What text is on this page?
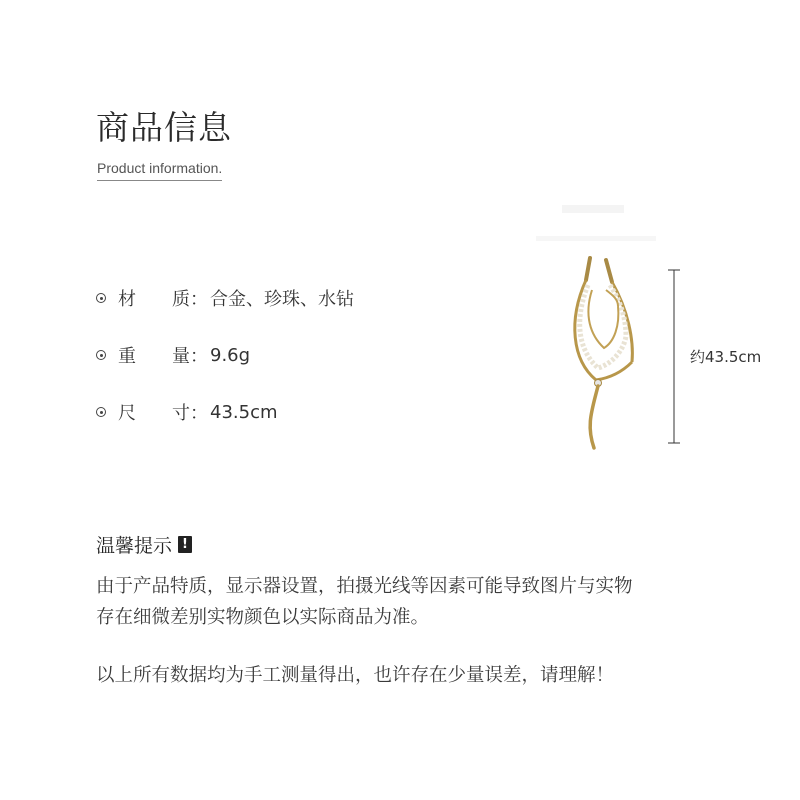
商品信息
Product information.
材 质 ： 合金、珍珠、水钻
重 量 ： 9.6g
尺 寸 ： 43.5cm
约43.5cm
温馨提示 !

由于产品特质，显示器设置，拍摄光线等因素可能导致图片与实物

存在细微差别实物颜色以实际商品为准。

以上所有数据均为手工测量得出，也许存在少量误差，请理解！
